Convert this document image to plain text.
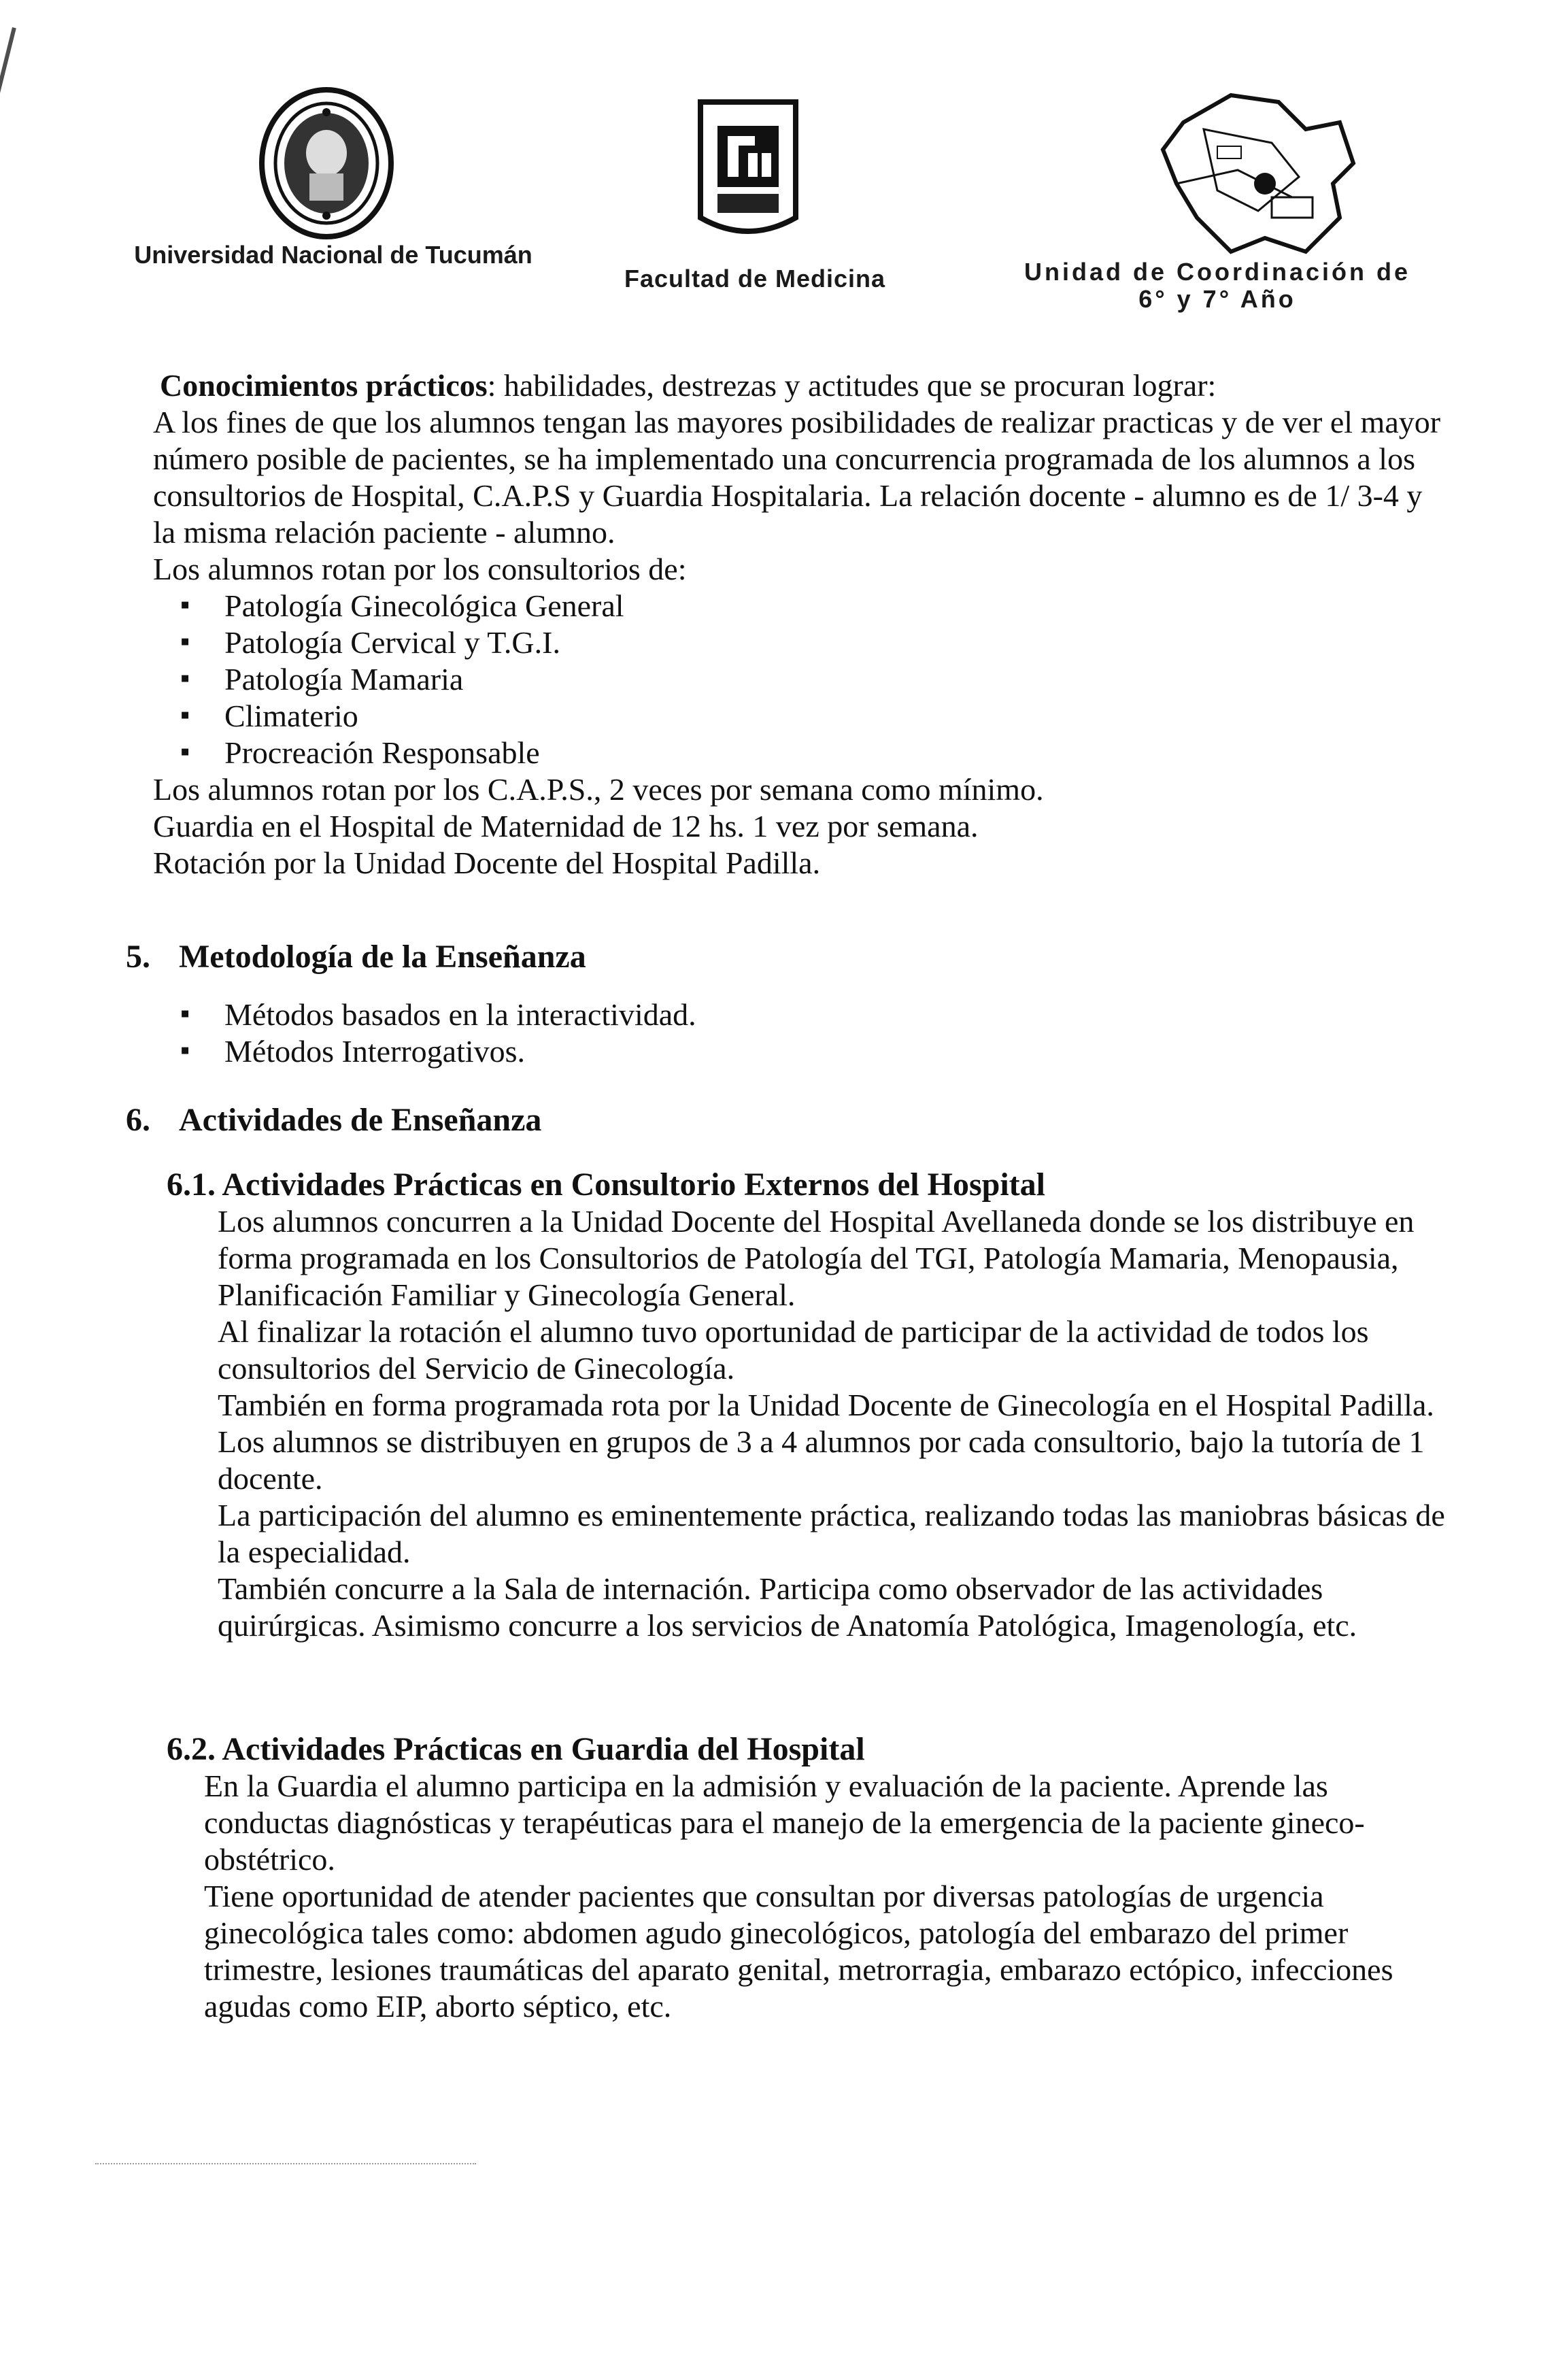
Universidad Nacional de Tucumán
Facultad de Medicina	Unidad de Coordinación de
6° y 7° Año

Conocimientos prácticos: habilidades, destrezas y actitudes que se procuran lograr:

A los fines de que los alumnos tengan las mayores posibilidades de realizar practicas y de ver el mayor número posible de pacientes, se ha implementado una concurrencia programada de los alumnos a los consultorios de Hospital, C.A.P.S y Guardia Hospitalaria. La relación docente - alumno es de 1/ 3-4 y la misma relación paciente - alumno.

Los alumnos rotan por los consultorios de:

▪ Patología Ginecológica General
▪ Patología Cervical y T.G.I.
▪ Patología Mamaria
▪ Climaterio
▪ Procreación Responsable

Los alumnos rotan por los C.A.P.S., 2 veces por semana como mínimo.

Guardia en el Hospital de Maternidad de 12 hs. 1 vez por semana.

Rotación por la Unidad Docente del Hospital Padilla.

5. Metodología de la Enseñanza
▪ Métodos basados en la interactividad.
▪ Métodos Interrogativos.
6. Actividades de Enseñanza
6.1. Actividades Prácticas en Consultorio Externos del Hospital

Los alumnos concurren a la Unidad Docente del Hospital Avellaneda donde se los distribuye en forma programada en los Consultorios de Patología del TGI, Patología Mamaria, Menopausia, Planificación Familiar y Ginecología General.

Al finalizar la rotación el alumno tuvo oportunidad de participar de la actividad de todos los consultorios del Servicio de Ginecología.

También en forma programada rota por la Unidad Docente de Ginecología en el Hospital Padilla.

Los alumnos se distribuyen en grupos de 3 a 4 alumnos por cada consultorio, bajo la tutoría de 1 docente.

La participación del alumno es eminentemente práctica, realizando todas las maniobras básicas de la especialidad.

También concurre a la Sala de internación. Participa como observador de las actividades quirúrgicas. Asimismo concurre a los servicios de Anatomía Patológica, Imagenología, etc.

6.2. Actividades Prácticas en Guardia del Hospital

En la Guardia el alumno participa en la admisión y evaluación de la paciente. Aprende las conductas diagnósticas y terapéuticas para el manejo de la emergencia de la paciente gineco-obstétrico.

Tiene oportunidad de atender pacientes que consultan por diversas patologías de urgencia ginecológica tales como: abdomen agudo ginecológicos, patología del embarazo del primer trimestre, lesiones traumáticas del aparato genital, metrorragia, embarazo ectópico, infecciones agudas como EIP, aborto séptico, etc.
